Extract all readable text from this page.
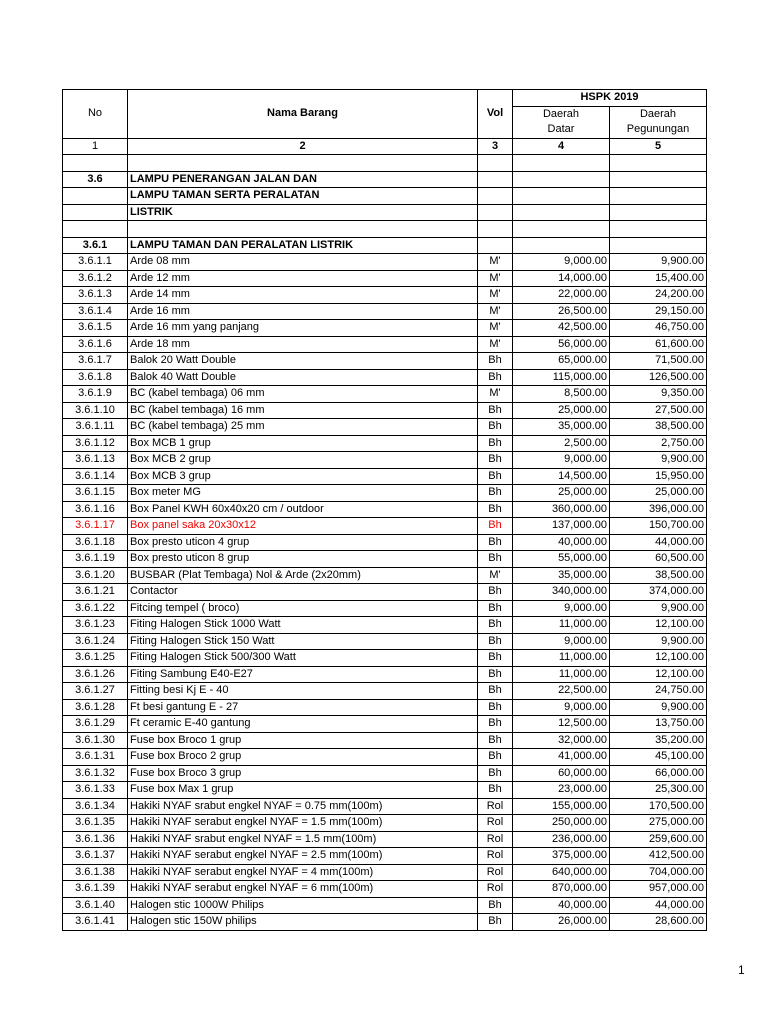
No	Nama Barang	Vol	HSPK 2019	
			Daerah	Daerah
			Datar	Pegunungan
1	2	3	4	5

3.6	LAMPU PENERANGAN JALAN DAN			
	LAMPU TAMAN SERTA PERALATAN			
	LISTRIK			

3.6.1	LAMPU TAMAN DAN PERALATAN LISTRIK			
3.6.1.1	Arde 08 mm	M'	9,000.00	9,900.00
3.6.1.2	Arde 12 mm	M'	14,000.00	15,400.00
3.6.1.3	Arde 14 mm	M'	22,000.00	24,200.00
3.6.1.4	Arde 16 mm	M'	26,500.00	29,150.00
3.6.1.5	Arde 16 mm yang panjang	M'	42,500.00	46,750.00
3.6.1.6	Arde 18 mm	M'	56,000.00	61,600.00
3.6.1.7	Balok 20 Watt Double	Bh	65,000.00	71,500.00
3.6.1.8	Balok 40 Watt Double	Bh	115,000.00	126,500.00
3.6.1.9	BC (kabel tembaga) 06 mm	M'	8,500.00	9,350.00
3.6.1.10	BC (kabel tembaga) 16 mm	Bh	25,000.00	27,500.00
3.6.1.11	BC (kabel tembaga) 25 mm	Bh	35,000.00	38,500.00
3.6.1.12	Box MCB 1 grup	Bh	2,500.00	2,750.00
3.6.1.13	Box MCB 2 grup	Bh	9,000.00	9,900.00
3.6.1.14	Box MCB 3 grup	Bh	14,500.00	15,950.00
3.6.1.15	Box meter MG	Bh	25,000.00	25,000.00
3.6.1.16	Box Panel KWH 60x40x20 cm / outdoor	Bh	360,000.00	396,000.00
3.6.1.17	Box panel saka 20x30x12	Bh	137,000.00	150,700.00
3.6.1.18	Box presto uticon 4 grup	Bh	40,000.00	44,000.00
3.6.1.19	Box presto uticon 8 grup	Bh	55,000.00	60,500.00
3.6.1.20	BUSBAR (Plat Tembaga) Nol & Arde (2x20mm)	M'	35,000.00	38,500.00
3.6.1.21	Contactor	Bh	340,000.00	374,000.00
3.6.1.22	Fitcing tempel ( broco)	Bh	9,000.00	9,900.00
3.6.1.23	Fiting Halogen Stick 1000 Watt	Bh	11,000.00	12,100.00
3.6.1.24	Fiting Halogen Stick 150 Watt	Bh	9,000.00	9,900.00
3.6.1.25	Fiting Halogen Stick 500/300 Watt	Bh	11,000.00	12,100.00
3.6.1.26	Fiting Sambung E40-E27	Bh	11,000.00	12,100.00
3.6.1.27	Fitting besi Kj E - 40	Bh	22,500.00	24,750.00
3.6.1.28	Ft besi gantung E - 27	Bh	9,000.00	9,900.00
3.6.1.29	Ft ceramic E-40 gantung	Bh	12,500.00	13,750.00
3.6.1.30	Fuse box Broco 1 grup	Bh	32,000.00	35,200.00
3.6.1.31	Fuse box Broco 2 grup	Bh	41,000.00	45,100.00
3.6.1.32	Fuse box Broco 3 grup	Bh	60,000.00	66,000.00
3.6.1.33	Fuse box Max 1 grup	Bh	23,000.00	25,300.00
3.6.1.34	Hakiki NYAF srabut engkel NYAF = 0.75 mm(100m)	Rol	155,000.00	170,500.00
3.6.1.35	Hakiki NYAF serabut engkel NYAF = 1.5 mm(100m)	Rol	250,000.00	275,000.00
3.6.1.36	Hakiki NYAF srabut engkel NYAF = 1.5 mm(100m)	Rol	236,000.00	259,600.00
3.6.1.37	Hakiki NYAF serabut engkel NYAF = 2.5 mm(100m)	Rol	375,000.00	412,500.00
3.6.1.38	Hakiki NYAF serabut engkel NYAF = 4 mm(100m)	Rol	640,000.00	704,000.00
3.6.1.39	Hakiki NYAF serabut engkel NYAF = 6 mm(100m)	Rol	870,000.00	957,000.00
3.6.1.40	Halogen stic 1000W Philips	Bh	40,000.00	44,000.00
3.6.1.41	Halogen stic 150W philips	Bh	26,000.00	28,600.00
1
